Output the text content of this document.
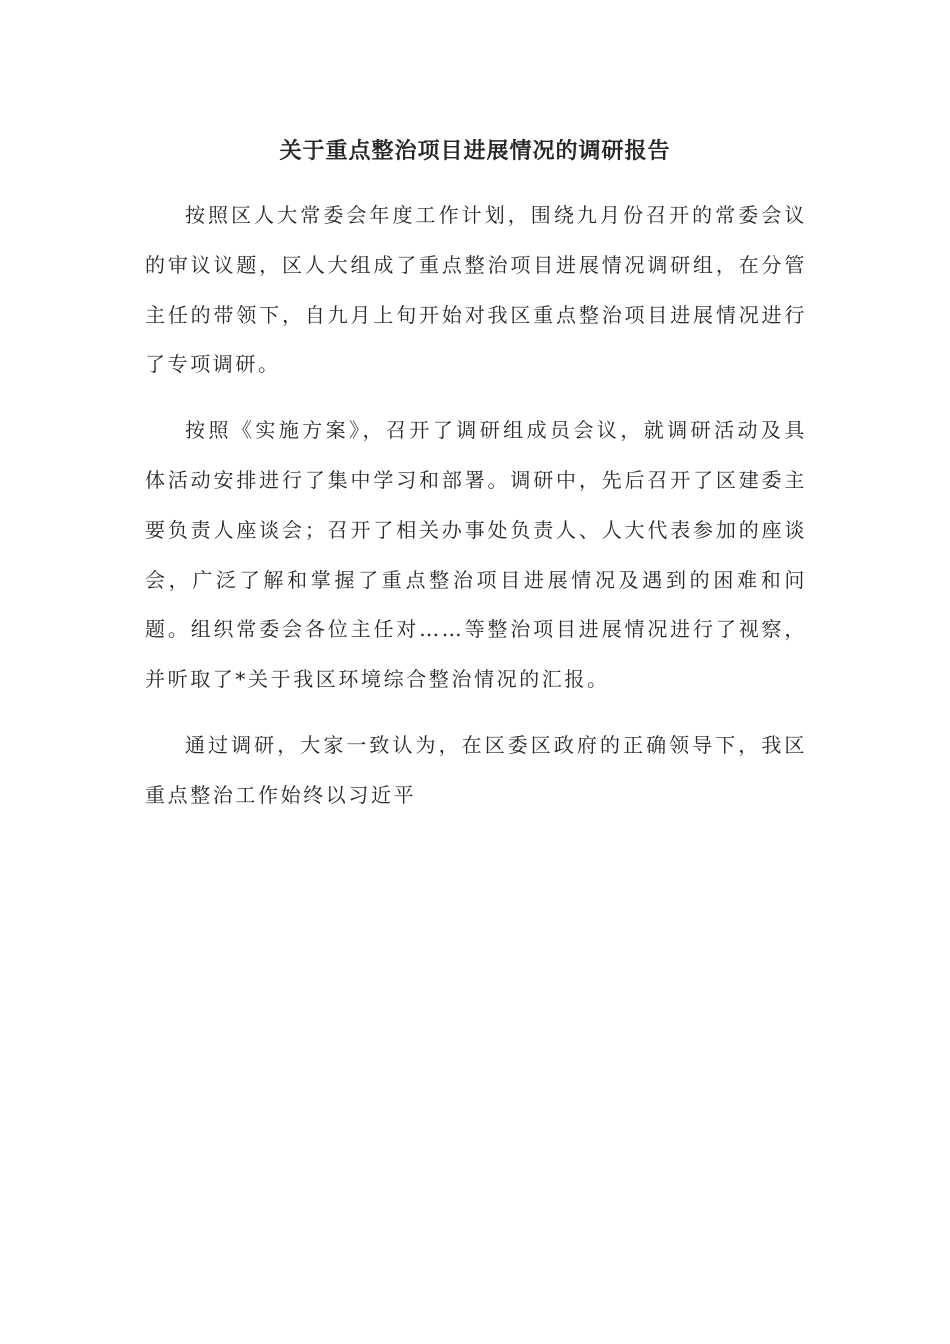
关于重点整治项目进展情况的调研报告

按照区人大常委会年度工作计划，围绕九月份召开的常委会议的审议议题，区人大组成了重点整治项目进展情况调研组，在分管主任的带领下，自九月上旬开始对我区重点整治项目进展情况进行了专项调研。

按照《实施方案》，召开了调研组成员会议，就调研活动及具体活动安排进行了集中学习和部署。调研中，先后召开了区建委主要负责人座谈会；召开了相关办事处负责人、人大代表参加的座谈会，广泛了解和掌握了重点整治项目进展情况及遇到的困难和问题。组织常委会各位主任对……等整治项目进展情况进行了视察，并听取了*关于我区环境综合整治情况的汇报。

通过调研，大家一致认为，在区委区政府的正确领导下，我区重点整治工作始终以习近平
